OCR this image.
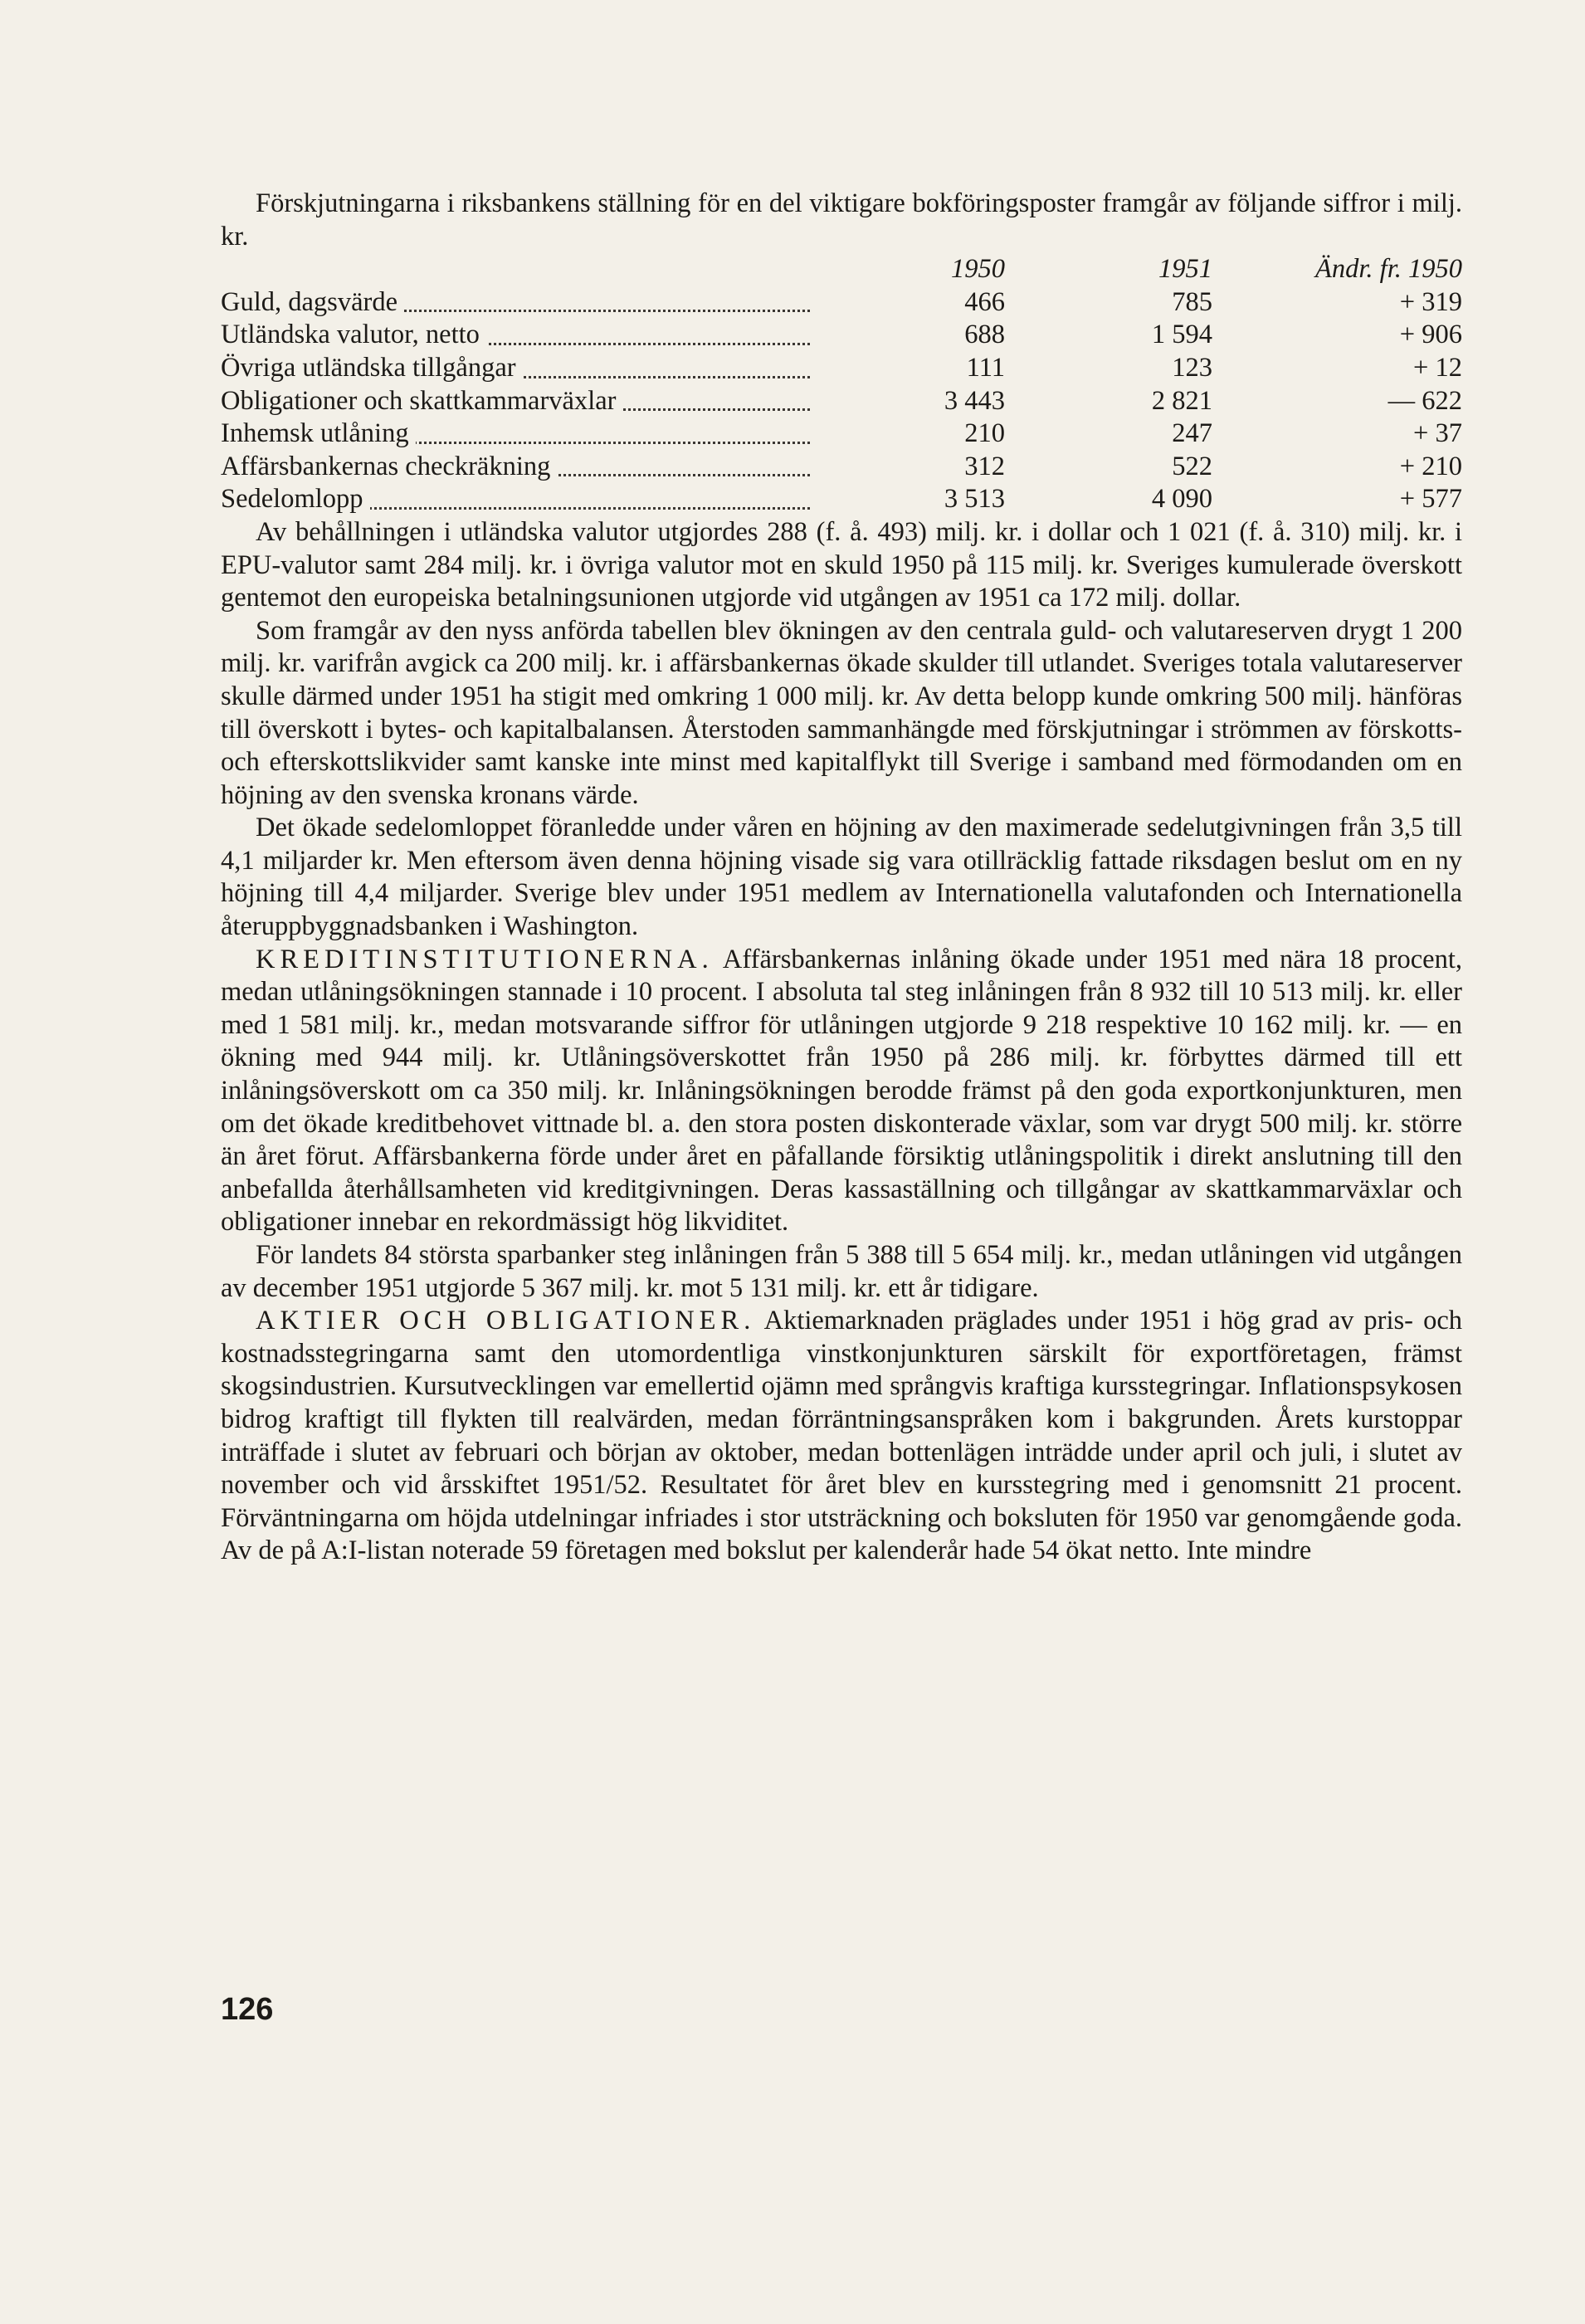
Förskjutningarna i riksbankens ställning för en del viktigare bokföringsposter framgår av följande siffror i milj. kr.

	1950	1951	Ändr. fr. 1950
Guld, dagsvärde	466	785	+ 319
Utländska valutor, netto	688	1 594	+ 906
Övriga utländska tillgångar	111	123	+ 12
Obligationer och skattkammarväxlar	3 443	2 821	— 622
Inhemsk utlåning	210	247	+ 37
Affärsbankernas checkräkning	312	522	+ 210
Sedelomlopp	3 513	4 090	+ 577

Av behållningen i utländska valutor utgjordes 288 (f. å. 493) milj. kr. i dollar och 1 021 (f. å. 310) milj. kr. i EPU-valutor samt 284 milj. kr. i övriga valutor mot en skuld 1950 på 115 milj. kr. Sveriges kumulerade överskott gentemot den europeiska betalningsunionen utgjorde vid utgången av 1951 ca 172 milj. dollar.

Som framgår av den nyss anförda tabellen blev ökningen av den centrala guld- och valutareserven drygt 1 200 milj. kr. varifrån avgick ca 200 milj. kr. i affärsbankernas ökade skulder till utlandet. Sveriges totala valutareserver skulle därmed under 1951 ha stigit med omkring 1 000 milj. kr. Av detta belopp kunde omkring 500 milj. hänföras till överskott i bytes- och kapitalbalansen. Återstoden sammanhängde med förskjutningar i strömmen av förskotts- och efterskottslikvider samt kanske inte minst med kapitalflykt till Sverige i samband med förmodanden om en höjning av den svenska kronans värde.

Det ökade sedelomloppet föranledde under våren en höjning av den maximerade sedelutgivningen från 3,5 till 4,1 miljarder kr. Men eftersom även denna höjning visade sig vara otillräcklig fattade riksdagen beslut om en ny höjning till 4,4 miljarder. Sverige blev under 1951 medlem av Internationella valutafonden och Internationella återuppbyggnadsbanken i Washington.

KREDITINSTITUTIONERNA. Affärsbankernas inlåning ökade under 1951 med nära 18 procent, medan utlåningsökningen stannade i 10 procent. I absoluta tal steg inlåningen från 8 932 till 10 513 milj. kr. eller med 1 581 milj. kr., medan motsvarande siffror för utlåningen utgjorde 9 218 respektive 10 162 milj. kr. — en ökning med 944 milj. kr. Utlåningsöverskottet från 1950 på 286 milj. kr. förbyttes därmed till ett inlåningsöverskott om ca 350 milj. kr. Inlåningsökningen berodde främst på den goda exportkonjunkturen, men om det ökade kreditbehovet vittnade bl. a. den stora posten diskonterade växlar, som var drygt 500 milj. kr. större än året förut. Affärsbankerna förde under året en påfallande försiktig utlåningspolitik i direkt anslutning till den anbefallda återhållsamheten vid kreditgivningen. Deras kassaställning och tillgångar av skattkammarväxlar och obligationer innebar en rekordmässigt hög likviditet.

För landets 84 största sparbanker steg inlåningen från 5 388 till 5 654 milj. kr., medan utlåningen vid utgången av december 1951 utgjorde 5 367 milj. kr. mot 5 131 milj. kr. ett år tidigare.

AKTIER OCH OBLIGATIONER. Aktiemarknaden präglades under 1951 i hög grad av pris- och kostnadsstegringarna samt den utomordentliga vinstkonjunkturen särskilt för exportföretagen, främst skogsindustrien. Kursutvecklingen var emellertid ojämn med språngvis kraftiga kursstegringar. Inflationspsykosen bidrog kraftigt till flykten till realvärden, medan förräntningsanspråken kom i bakgrunden. Årets kurstoppar inträffade i slutet av februari och början av oktober, medan bottenlägen inträdde under april och juli, i slutet av november och vid årsskiftet 1951/52. Resultatet för året blev en kursstegring med i genomsnitt 21 procent. Förväntningarna om höjda utdelningar infriades i stor utsträckning och boksluten för 1950 var genomgående goda. Av de på A:I-listan noterade 59 företagen med bokslut per kalenderår hade 54 ökat netto. Inte mindre

126
